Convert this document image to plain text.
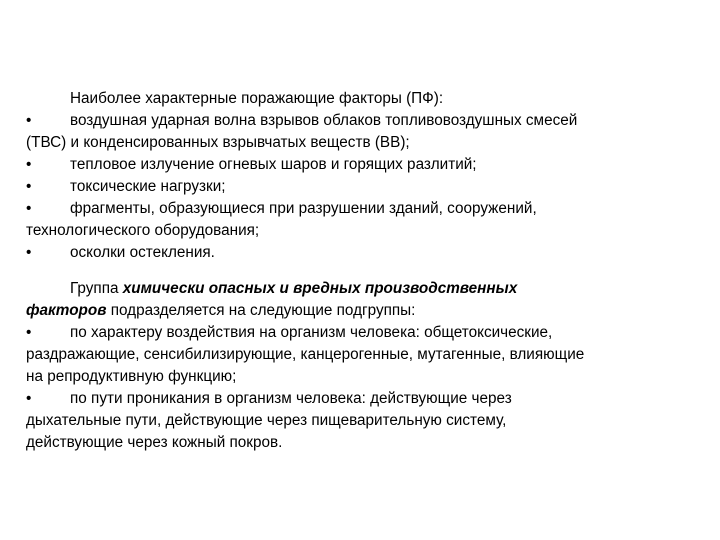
Наиболее характерные поражающие факторы (ПФ):
•	воздушная ударная волна взрывов облаков топливовоздушных смесей
(ТВС) и конденсированных взрывчатых веществ (ВВ);
•	тепловое излучение огневых шаров и горящих разлитий;
•	токсические нагрузки;
•	фрагменты, образующиеся при разрушении зданий, сооружений,
технологического оборудования;
•	осколки остекления.
Группа химически опасных и вредных производственных
факторов подразделяется на следующие подгруппы:
•	по характеру воздействия на организм человека: общетоксические,
раздражающие, сенсибилизирующие, канцерогенные, мутагенные, влияющие
на репродуктивную функцию;
•	по пути проникания в организм человека: действующие через
дыхательные пути, действующие через пищеварительную систему,
действующие через кожный покров.
